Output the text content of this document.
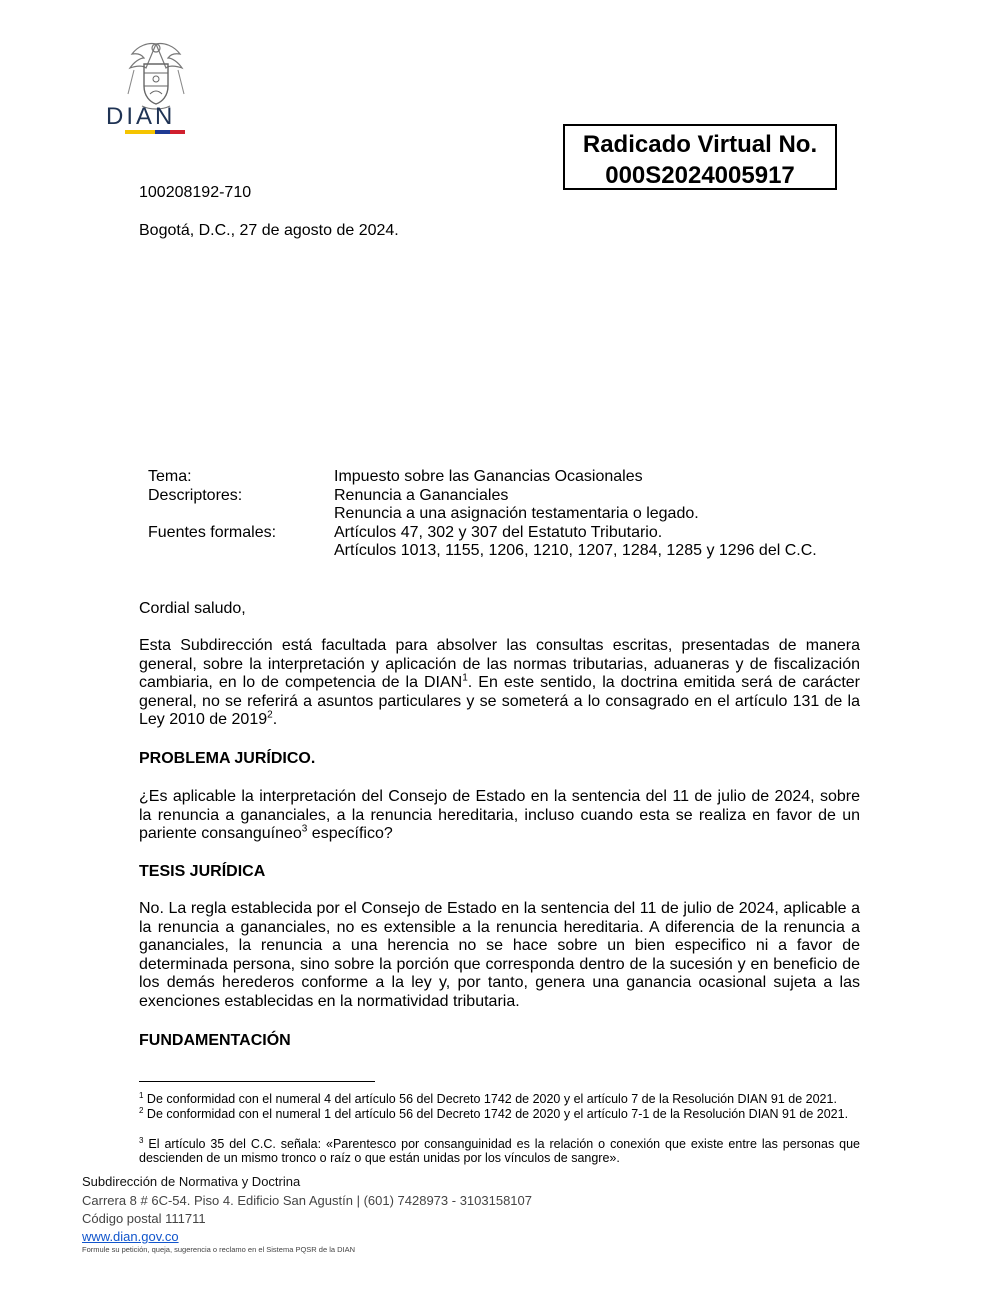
DIAN
Radicado Virtual No.
000S2024005917
100208192-710
Bogotá, D.C., 27 de agosto de 2024.
Tema:	Impuesto sobre las Ganancias Ocasionales
Descriptores:	Renuncia a Gananciales
Renuncia a una asignación testamentaria o legado.
Fuentes formales:	Artículos 47, 302 y 307 del Estatuto Tributario.
Artículos 1013, 1155, 1206, 1210, 1207, 1284, 1285 y 1296 del C.C.
Cordial saludo,
Esta Subdirección está facultada para absolver las consultas escritas, presentadas de manera general, sobre la interpretación y aplicación de las normas tributarias, aduaneras y de fiscalización cambiaria, en lo de competencia de la DIAN$^1$. En este sentido, la doctrina emitida será de carácter general, no se referirá a asuntos particulares y se someterá a lo consagrado en el artículo 131 de la Ley 2010 de 2019$^2$.
PROBLEMA JURÍDICO.
¿Es aplicable la interpretación del Consejo de Estado en la sentencia del 11 de julio de 2024, sobre la renuncia a gananciales, a la renuncia hereditaria, incluso cuando esta se realiza en favor de un pariente consanguíneo$^3$ específico?
TESIS JURÍDICA
No. La regla establecida por el Consejo de Estado en la sentencia del 11 de julio de 2024, aplicable a la renuncia a gananciales, no es extensible a la renuncia hereditaria. A diferencia de la renuncia a gananciales, la renuncia a una herencia no se hace sobre un bien especifico ni a favor de determinada persona, sino sobre la porción que corresponda dentro de la sucesión y en beneficio de los demás herederos conforme a la ley y, por tanto, genera una ganancia ocasional sujeta a las exenciones establecidas en la normatividad tributaria.
FUNDAMENTACIÓN
$^1$ De conformidad con el numeral 4 del artículo 56 del Decreto 1742 de 2020 y el artículo 7 de la Resolución DIAN 91 de 2021.
$^2$ De conformidad con el numeral 1 del artículo 56 del Decreto 1742 de 2020 y el artículo 7-1 de la Resolución DIAN 91 de 2021.
$^3$ El artículo 35 del C.C. señala: «Parentesco por consanguinidad es la relación o conexión que existe entre las personas que descienden de un mismo tronco o raíz o que están unidas por los vínculos de sangre».
Subdirección de Normativa y Doctrina
Carrera 8 # 6C-54. Piso 4. Edificio San Agustín | (601) 7428973 - 3103158107
Código postal 111711
www.dian.gov.co
Formule su petición, queja, sugerencia o reclamo en el Sistema PQSR de la DIAN
